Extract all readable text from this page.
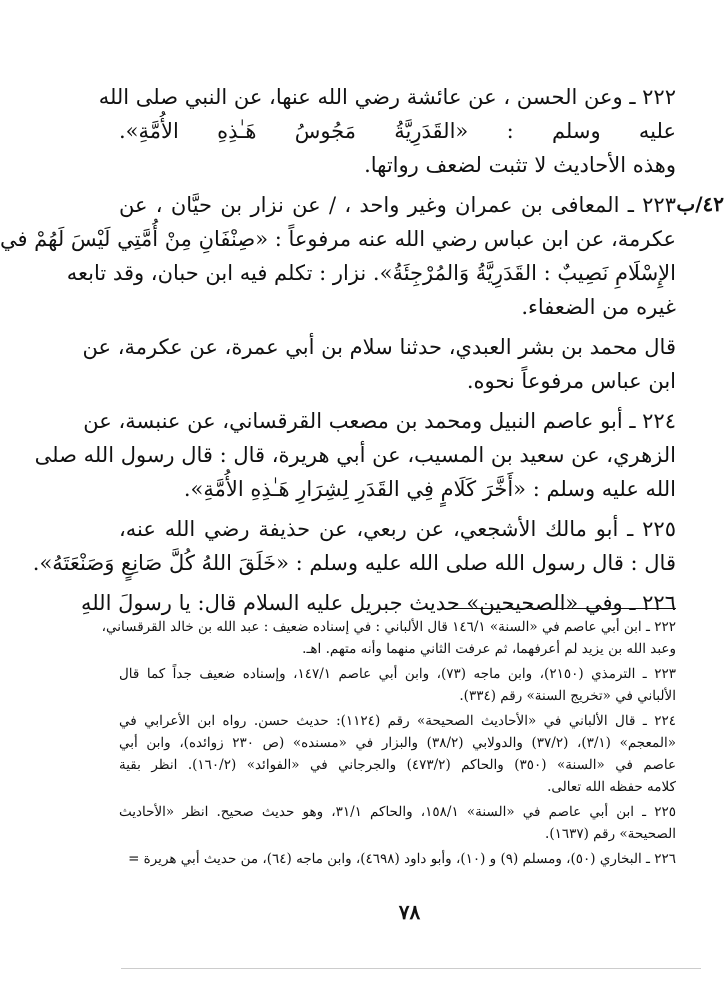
٤٢/ب
٢٢٢ ـ وعن الحسن ، عن عائشة رضي الله عنها، عن النبي صلى الله
عليه وسلم : «القَدَرِيَّةُ مَجُوسُ هَـٰذِهِ الأُمَّةِ».
وهذه الأحاديث لا تثبت لضعف رواتها.
٢٢٣ ـ المعافى بن عمران وغير واحد ، / عن نزار بن حيَّان ، عن
عكرمة، عن ابن عباس رضي الله عنه مرفوعاً : «صِنْفَانِ مِنْ أُمَّتِي لَيْسَ لَهُمْ في
الإِسْلَامِ نَصِيبٌ : القَدَرِيَّةُ وَالمُرْجِئَةُ». نزار : تكلم فيه ابن حبان، وقد تابعه
غيره من الضعفاء.
قال محمد بن بشر العبدي، حدثنا سلام بن أبي عمرة، عن عكرمة، عن
ابن عباس مرفوعاً نحوه.
٢٢٤ ـ أبو عاصم النبيل ومحمد بن مصعب القرقساني، عن عنبسة، عن
الزهري، عن سعيد بن المسيب، عن أبي هريرة، قال : قال رسول الله صلى
الله عليه وسلم : «أَخَّرَ كَلَامٍ فِي القَدَرِ لِشِرَارِ هَـٰذِهِ الأُمَّةِ».
٢٢٥ ـ أبو مالك الأشجعي، عن ربعي، عن حذيفة رضي الله عنه،
قال : قال رسول الله صلى الله عليه وسلم : «خَلَقَ اللهُ كُلَّ صَانِعٍ وَصَنْعَتَهُ».
٢٢٦ ـ وفي «الصحيحين» حديث جبريل عليه السلام قال: يا رسولَ اللهِ
٢٢٢ ـ ابن أبي عاصم في «السنة» ١٤٦/١ قال الألباني : في إسناده ضعيف : عبد الله بن خالد القرقساني،
وعبد الله بن يزيد لم أعرفهما، ثم عرفت الثاني منهما وأنه متهم. اهـ.
٢٢٣ ـ الترمذي (٢١٥٠)، وابن ماجه (٧٣)، وابن أبي عاصم ١٤٧/١، وإسناده ضعيف جداً كما قال
الألباني في «تخريج السنة» رقم (٣٣٤).
٢٢٤ ـ قال الألباني في «الأحاديث الصحيحة» رقم (١١٢٤): حديث حسن. رواه ابن الأعرابي في
«المعجم» (٣/١)، (٣٧/٢) والدولابي (٣٨/٢) والبزار في «مسنده» (ص ٢٣٠ زوائده)، وابن أبي
عاصم في «السنة» (٣٥٠) والحاكم (٤٧٣/٢) والجرجاني في «الفوائد» (١٦٠/٢). انظر بقية
كلامه حفظه الله تعالى.
٢٢٥ ـ ابن أبي عاصم في «السنة» ١٥٨/١، والحاكم ٣١/١، وهو حديث صحيح. انظر «الأحاديث
الصحيحة» رقم (١٦٣٧).
٢٢٦ ـ البخاري (٥٠)، ومسلم (٩) و (١٠)، وأبو داود (٤٦٩٨)، وابن ماجه (٦٤)، من حديث أبي هريرة =
٧٨
